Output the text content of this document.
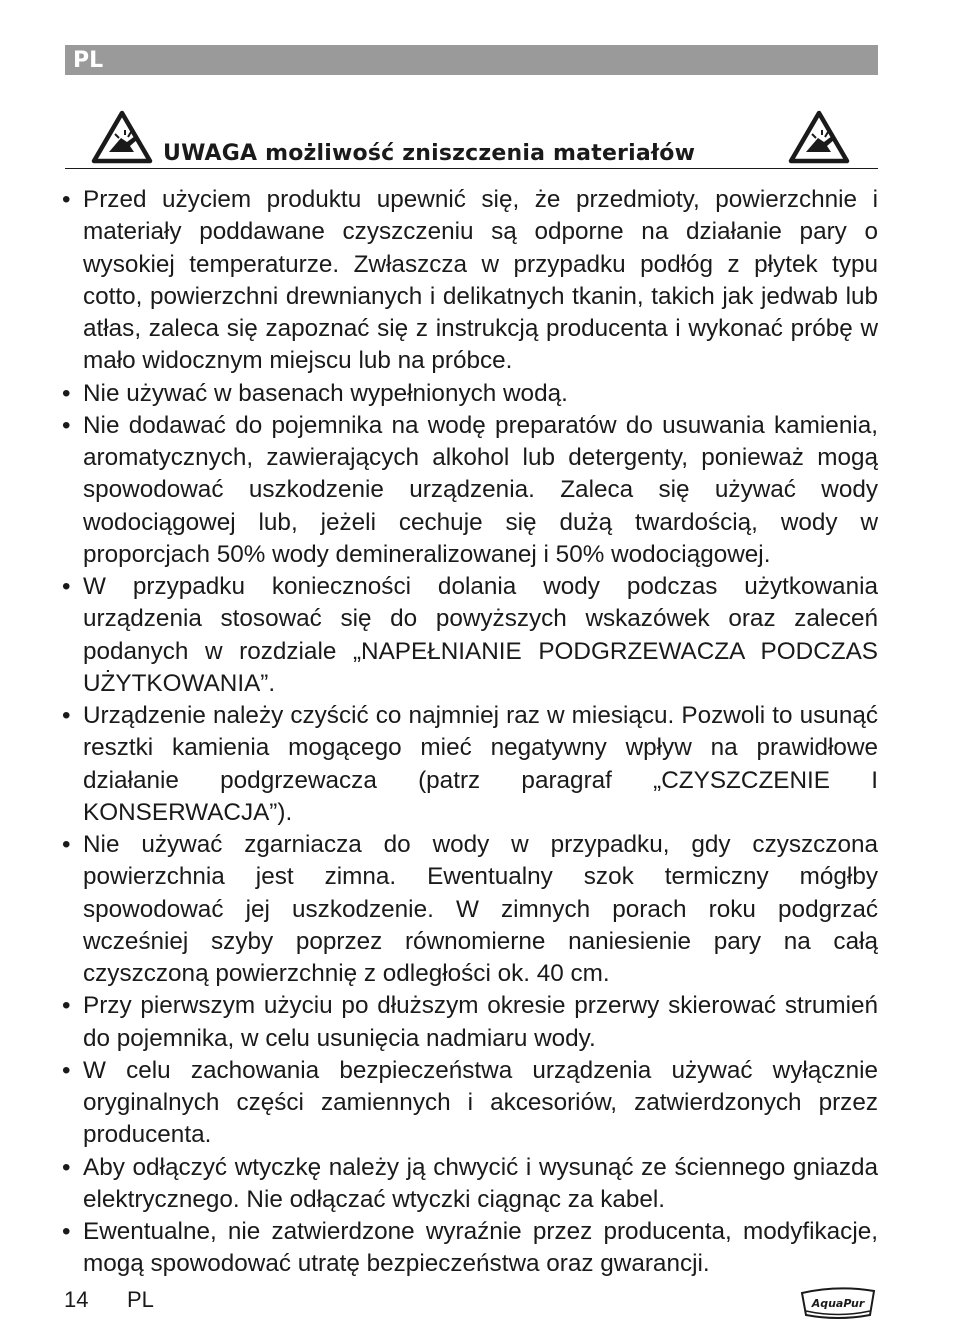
PL
UWAGA możliwość zniszczenia materiałów
• Przed użyciem produktu upewnić się, że przedmioty, powierzchnie i materiały poddawane czyszczeniu są odporne na działanie pary o wysokiej temperaturze. Zwłaszcza w przypadku podłóg z płytek typu cotto, powierzchni drewnianych i delikatnych tkanin, takich jak jedwab lub atłas, zaleca się zapoznać się z instrukcją producenta i wykonać próbę w mało widocznym miejscu lub na próbce.
• Nie używać w basenach wypełnionych wodą.
• Nie dodawać do pojemnika na wodę preparatów do usuwania kamienia, aromatycznych, zawierających alkohol lub detergenty, ponieważ mogą spowodować uszkodzenie urządzenia. Zaleca się używać wody wodociągowej lub, jeżeli cechuje się dużą twardością, wody w proporcjach 50% wody demineralizowanej i 50% wodociągowej.
• W przypadku konieczności dolania wody podczas użytkowania urządzenia stosować się do powyższych wskazówek oraz zaleceń podanych w rozdziale „NAPEŁNIANIE PODGRZEWACZA PODCZAS UŻYTKOWANIA”.
• Urządzenie należy czyścić co najmniej raz w miesiącu. Pozwoli to usunąć resztki kamienia mogącego mieć negatywny wpływ na prawidłowe działanie podgrzewacza (patrz paragraf „CZYSZCZENIE I KONSERWACJA”).
• Nie używać zgarniacza do wody w przypadku, gdy czyszczona powierzchnia jest zimna. Ewentualny szok termiczny mógłby spowodować jej uszkodzenie. W zimnych porach roku podgrzać wcześniej szyby poprzez równomierne naniesienie pary na całą czyszczoną powierzchnię z odległości ok. 40 cm.
• Przy pierwszym użyciu po dłuższym okresie przerwy skierować strumień do pojemnika, w celu usunięcia nadmiaru wody.
• W celu zachowania bezpieczeństwa urządzenia używać wyłącznie oryginalnych części zamiennych i akcesoriów, zatwierdzonych przez producenta.
• Aby odłączyć wtyczkę należy ją chwycić i wysunąć ze ściennego gniazda elektrycznego. Nie odłączać wtyczki ciągnąc za kabel.
• Ewentualne, nie zatwierdzone wyraźnie przez producenta, modyfikacje, mogą spowodować utratę bezpieczeństwa oraz gwarancji.
14 PL	AquaPur
